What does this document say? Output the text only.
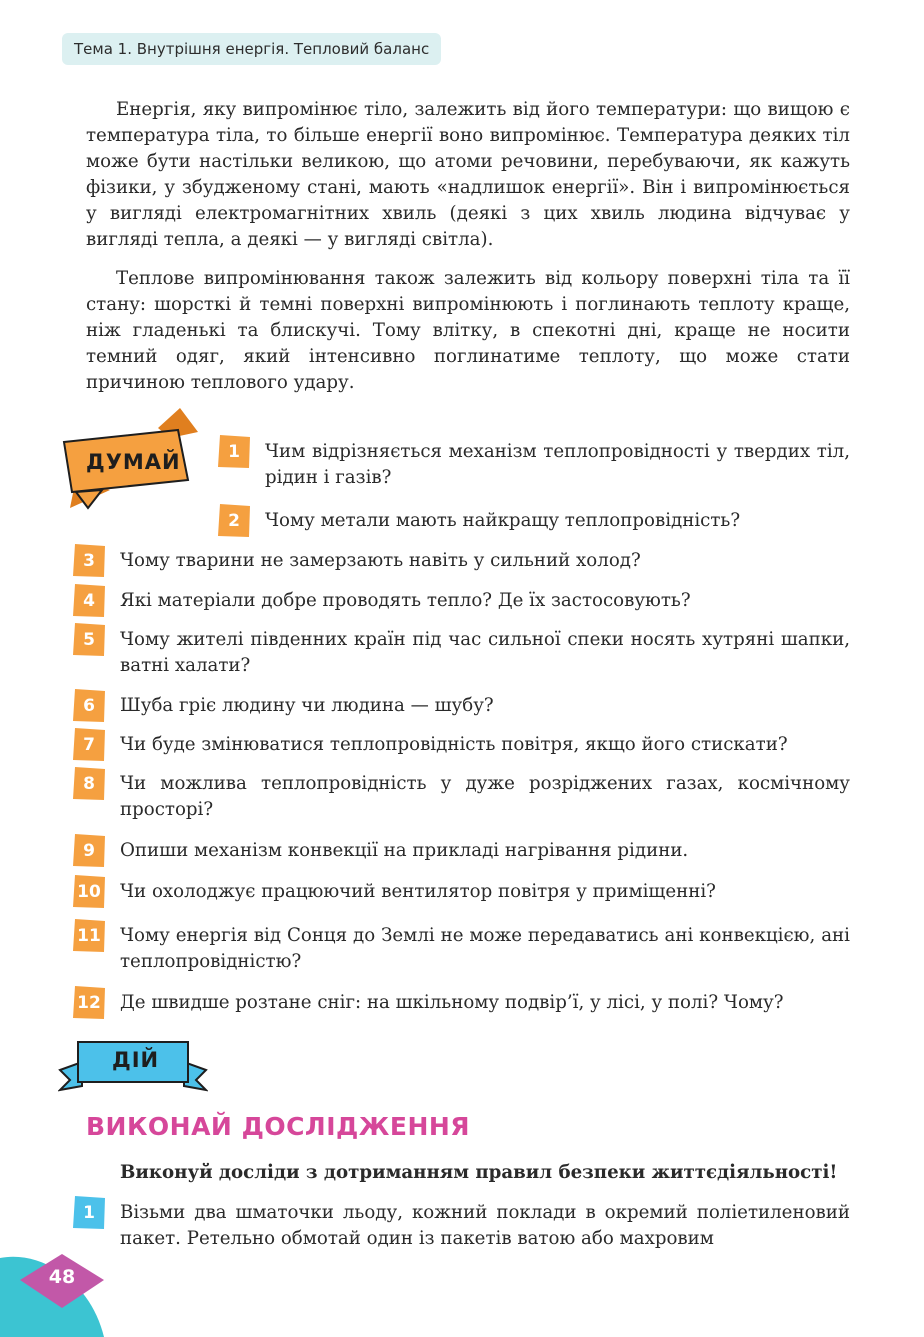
Тема 1. Внутрішня енергія. Тепловий баланс

Енергія, яку випромінює тіло, залежить від його температури: що вищою є температура тіла, то більше енергії воно випромінює. Температура деяких тіл може бути настільки великою, що атоми речовини, перебуваючи, як кажуть фізики, у збудженому стані, мають «надлишок енергії». Він і випромінюється у вигляді електромагнітних хвиль (деякі з цих хвиль людина відчуває у вигляді тепла, а деякі — у вигляді світла).

Теплове випромінювання також залежить від кольору поверхні тіла та її стану: шорсткі й темні поверхні випромінюють і поглинають теплоту краще, ніж гладенькі та блискучі. Тому влітку, в спекотні дні, краще не носити темний одяг, який інтенсивно поглинатиме теплоту, що може стати причиною теплового удару.

ДУМАЙ	1	Чим відрізняється механізм теплопровідності у твердих тіл, рідин і газів?

2	Чому метали мають найкращу теплопровідність?

3	Чому тварини не замерзають навіть у сильний холод?

4	Які матеріали добре проводять тепло? Де їх застосовують?

5	Чому жителі південних країн під час сильної спеки носять хутряні шапки, ватні халати?

6	Шуба гріє людину чи людина — шубу?

7	Чи буде змінюватися теплопровідність повітря, якщо його стискати?

8	Чи можлива теплопровідність у дуже розріджених газах, космічному просторі?

9	Опиши механізм конвекції на прикладі нагрівання рідини.

10	Чи охолоджує працюючий вентилятор повітря у приміщенні?

11	Чому енергія від Сонця до Землі не може передаватись ані конвекцією, ані теплопровідністю?

12	Де швидше розтане сніг: на шкільному подвір’ї, у лісі, у полі? Чому?

ДІЙ
ВИКОНАЙ ДОСЛІДЖЕННЯ
Виконуй досліди з дотриманням правил безпеки життєдіяльності!
1	Візьми два шматочки льоду, кожний поклади в окремий поліетиленовий пакет. Ретельно обмотай один із пакетів ватою або махровим

48
